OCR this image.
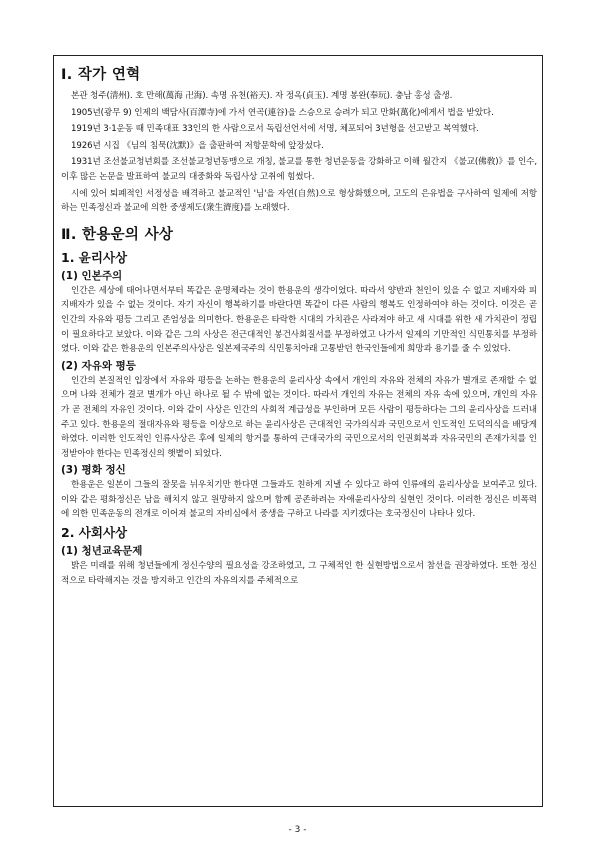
Ⅰ. 작가 연혁

본관 청주(淸州). 호 만해(萬海 卍海). 속명 유천(裕天). 자 정옥(貞玉). 계명 봉완(奉玩). 충남 홍성 출생.

1905년(광무 9) 인제의 백담사(百潭寺)에 가서 연곡(連谷)을 스승으로 승려가 되고 만화(萬化)에게서 법을 받았다.

1919년 3·1운동 때 민족대표 33인의 한 사람으로서 독립선언서에 서명, 체포되어 3년형을 선고받고 복역했다.

1926년 시집 《님의 침묵(沈默)》을 출판하여 저항문학에 앞장섰다.

1931년 조선불교청년회를 조선불교청년동맹으로 개칭, 불교를 통한 청년운동을 강화하고 이해 월간지 《불교(佛敎)》를 인수, 이후 많은 논문을 발표하여 불교의 대중화와 독립사상 고취에 힘썼다.

시에 있어 퇴폐적인 서정성을 배격하고 불교적인 '님'을 자연(自然)으로 형상화했으며, 고도의 은유법을 구사하여 일제에 저항하는 민족정신과 불교에 의한 중생제도(衆生濟度)를 노래했다.

Ⅱ. 한용운의 사상
1. 윤리사상
(1) 인본주의

인간은 세상에 태어나면서부터 똑같은 운명체라는 것이 한용운의 생각이었다. 따라서 양반과 천인이 있을 수 없고 지배자와 피지배자가 있을 수 없는 것이다. 자기 자신이 행복하기를 바란다면 똑같이 다른 사람의 행복도 인정하여야 하는 것이다. 이것은 곧 인간의 자유와 평등 그리고 존엄성을 의미한다. 한용운은 타락한 시대의 가치관은 사라져야 하고 새 시대를 위한 새 가치관이 정립이 필요하다고 보았다. 이와 같은 그의 사상은 전근대적인 봉건사회질서를 부정하였고 나가서 일제의 기만적인 식민통치를 부정하였다. 이와 같은 한용운의 인본주의사상은 일본제국주의 식민통치아래 고통받던 한국인들에게 희망과 용기를 줄 수 있었다.

(2) 자유와 평등

인간의 본질적인 입장에서 자유와 평등을 논하는 한용운의 윤리사상 속에서 개인의 자유와 전체의 자유가 별개로 존재할 수 없으며 나와 전체가 결코 별개가 아닌 하나로 될 수 밖에 없는 것이다. 따라서 개인의 자유는 전체의 자유 속에 있으며, 개인의 자유가 곧 전체의 자유인 것이다. 이와 같이 사상은 인간의 사회적 계급성을 부인하며 모든 사람이 평등하다는 그의 윤리사상을 드러내주고 있다. 한용운의 절대자유와 평등을 이상으로 하는 윤리사상은 근대적인 국가의식과 국민으로서 인도적인 도덕의식을 배당게 하였다. 이러한 인도적인 인류사상은 후에 일제의 항거를 통하여 근대국가의 국민으로서의 인권회복과 자유국민의 존재가치를 인정받아야 한다는 민족정신의 햇볕이 되었다.

(3) 평화 정신

한용운은 일본이 그들의 잘못을 뉘우치기만 한다면 그들과도 친하게 지낼 수 있다고 하여 인류애의 윤리사상을 보여주고 있다. 이와 같은 평화정신은 남을 해치지 않고 원망하지 않으며 함께 공존하려는 자애윤리사상의 실현인 것이다. 이러한 정신은 비폭력에 의한 민족운동의 전개로 이어져 불교의 자비심에서 중생을 구하고 나라를 지키겠다는 호국정신이 나타나 있다.

2. 사회사상
(1) 청년교육문제

밝은 미래를 위해 청년들에게 정신수양의 필요성을 강조하였고, 그 구체적인 한 실현방법으로서 참선을 권장하였다. 또한 정신적으로 타락해지는 것을 방지하고 인간의 자유의지를 주체적으로

- 3 -
